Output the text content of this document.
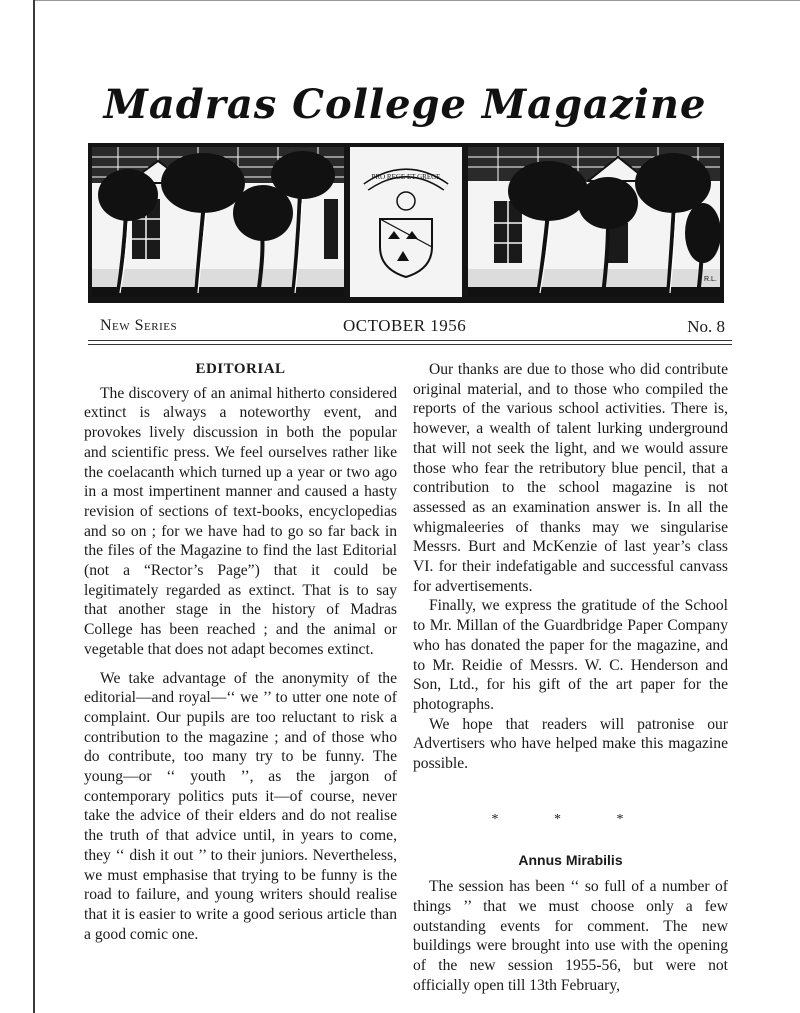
Madras College Magazine
PRO REGE ET GREGE
R.L.
New Series	OCTOBER 1956	No. 8
EDITORIAL

The discovery of an animal hitherto considered extinct is always a noteworthy event, and provokes lively discussion in both the popular and scientific press. We feel ourselves rather like the coelacanth which turned up a year or two ago in a most impertinent manner and caused a hasty revision of sections of text-books, encyclopedias and so on ; for we have had to go so far back in the files of the Magazine to find the last Editorial (not a “Rector’s Page”) that it could be legitimately regarded as extinct. That is to say that another stage in the history of Madras College has been reached ; and the animal or vegetable that does not adapt becomes extinct.

We take advantage of the anonymity of the editorial—and royal—‘‘ we ’’ to utter one note of complaint. Our pupils are too reluctant to risk a contribution to the magazine ; and of those who do contribute, too many try to be funny. The young—or ‘‘ youth ’’, as the jargon of contemporary politics puts it—of course, never take the advice of their elders and do not realise the truth of that advice until, in years to come, they ‘‘ dish it out ’’ to their juniors. Nevertheless, we must emphasise that trying to be funny is the road to failure, and young writers should realise that it is easier to write a good serious article than a good comic one.

Our thanks are due to those who did contribute original material, and to those who compiled the reports of the various school activities. There is, however, a wealth of talent lurking underground that will not seek the light, and we would assure those who fear the retributory blue pencil, that a contribution to the school magazine is not assessed as an examination answer is. In all the whigmaleeries of thanks may we singularise Messrs. Burt and McKenzie of last year’s class VI. for their indefatigable and successful canvass for advertisements.

Finally, we express the gratitude of the School to Mr. Millan of the Guardbridge Paper Company who has donated the paper for the magazine, and to Mr. Reidie of Messrs. W. C. Henderson and Son, Ltd., for his gift of the art paper for the photographs.

We hope that readers will patronise our Advertisers who have helped make this magazine possible.

* * *
Annus Mirabilis

The session has been ‘‘ so full of a number of things ’’ that we must choose only a few outstanding events for comment. The new buildings were brought into use with the opening of the new session 1955-56, but were not officially open till 13th February,
